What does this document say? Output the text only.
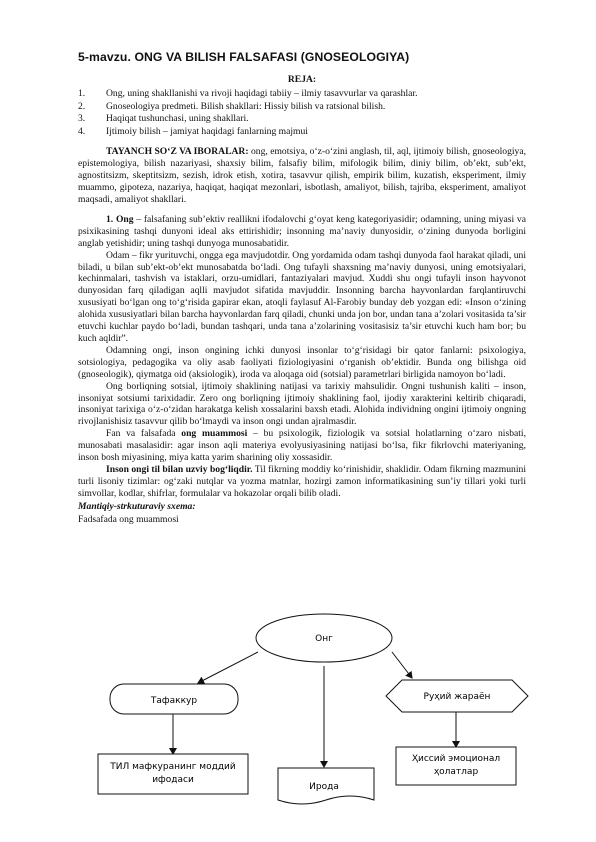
5-mavzu. ONG VA BILISH FALSAFASI (GNOSEOLOGIYA)
REJA:
1.	Ong, uning shakllanishi va rivoji haqidagi tabiiy – ilmiy tasavvurlar va qarashlar.
2.	Gnoseologiya predmeti. Bilish shakllari: Hissiy bilish va ratsional bilish.
3.	Haqiqat tushunchasi, uning shakllari.
4.	Ijtimoiy bilish – jamiyat haqidagi fanlarning majmui

TAYANCH SO‘Z VA IBORALAR: ong, emotsiya, o‘z-o‘zini anglash, til, aql, ijtimoiy bilish, gnoseologiya, epistemologiya, bilish nazariyasi, shaxsiy bilim, falsafiy bilim, mifologik bilim, diniy bilim, ob’ekt, sub’ekt, agnostitsizm, skeptitsizm, sezish, idrok etish, xotira, tasavvur qilish, empirik bilim, kuzatish, eksperiment, ilmiy muammo, gipoteza, nazariya, haqiqat, haqiqat mezonlari, isbotlash, amaliyot, bilish, tajriba, eksperiment, amaliyot maqsadi, amaliyot shakllari.

1. Ong – falsafaning sub’ektiv reallikni ifodalovchi g‘oyat keng kategoriyasidir; odamning, uning miyasi va psixikasining tashqi dunyoni ideal aks ettirishidir; insonning ma’naviy dunyosidir, o‘zining dunyoda borligini anglab yetishidir; uning tashqi dunyoga munosabatidir.

Odam – fikr yurituvchi, ongga ega mavjudotdir. Ong yordamida odam tashqi dunyoda faol harakat qiladi, uni biladi, u bilan sub’ekt-ob’ekt munosabatda bo‘ladi. Ong tufayli shaxsning ma’naviy dunyosi, uning emotsiyalari, kechinmalari, tashvish va istaklari, orzu-umidlari, fantaziyalari mavjud. Xuddi shu ongi tufayli inson hayvonot dunyosidan farq qiladigan aqlli mavjudot sifatida mavjuddir. Insonning barcha hayvonlardan farqlantiruvchi xususiyati bo‘lgan ong to‘g‘risida gapirar ekan, atoqli faylasuf Al-Farobiy bunday deb yozgan edi: «Inson o‘zining alohida xususiyatlari bilan barcha hayvonlardan farq qiladi, chunki unda jon bor, undan tana a’zolari vositasida ta’sir etuvchi kuchlar paydo bo‘ladi, bundan tashqari, unda tana a’zolarining vositasisiz ta’sir etuvchi kuch ham bor; bu kuch aqldir”.

Odamning ongi, inson ongining ichki dunyosi insonlar to‘g‘risidagi bir qator fanlarni: psixologiya, sotsiologiya, pedagogika va oliy asab faoliyati fiziologiyasini o‘rganish ob’ektidir. Bunda ong bilishga oid (gnoseologik), qiymatga oid (aksiologik), iroda va aloqaga oid (sotsial) parametrlari birligida namoyon bo‘ladi.

Ong borliqning sotsial, ijtimoiy shaklining natijasi va tarixiy mahsulidir. Ongni tushunish kaliti – inson, insoniyat sotsiumi tarixidadir. Zero ong borliqning ijtimoiy shaklining faol, ijodiy xarakterini keltirib chiqaradi, insoniyat tarixiga o‘z-o‘zidan harakatga kelish xossalarini baxsh etadi. Alohida individning ongini ijtimoiy ongning rivojlanishisiz tasavvur qilib bo‘lmaydi va inson ongi undan ajralmasdir.

Fan va falsafada ong muammosi – bu psixologik, fiziologik va sotsial holatlarning o‘zaro nisbati, munosabati masalasidir: agar inson aqli materiya evolyusiyasining natijasi bo‘lsa, fikr fikrlovchi materiyaning, inson bosh miyasining, miya katta yarim sharining oliy xossasidir.

Inson ongi til bilan uzviy bog‘liqdir. Til fikrning moddiy ko‘rinishidir, shaklidir. Odam fikrning mazmunini turli lisoniy tizimlar: og‘zaki nutqlar va yozma matnlar, hozirgi zamon informatikasining sun’iy tillari yoki turli simvollar, kodlar, shifrlar, formulalar va hokazolar orqali bilib oladi.

Mantiqiy-strkuturaviy sxema:
Fadsafada ong muammosi
Онг
Тафаккур	Руҳий жараён
ТИЛ мафкуранинг моддий
ифодаси
Ирода
Ҳиссий эмоционал
ҳолатлар
